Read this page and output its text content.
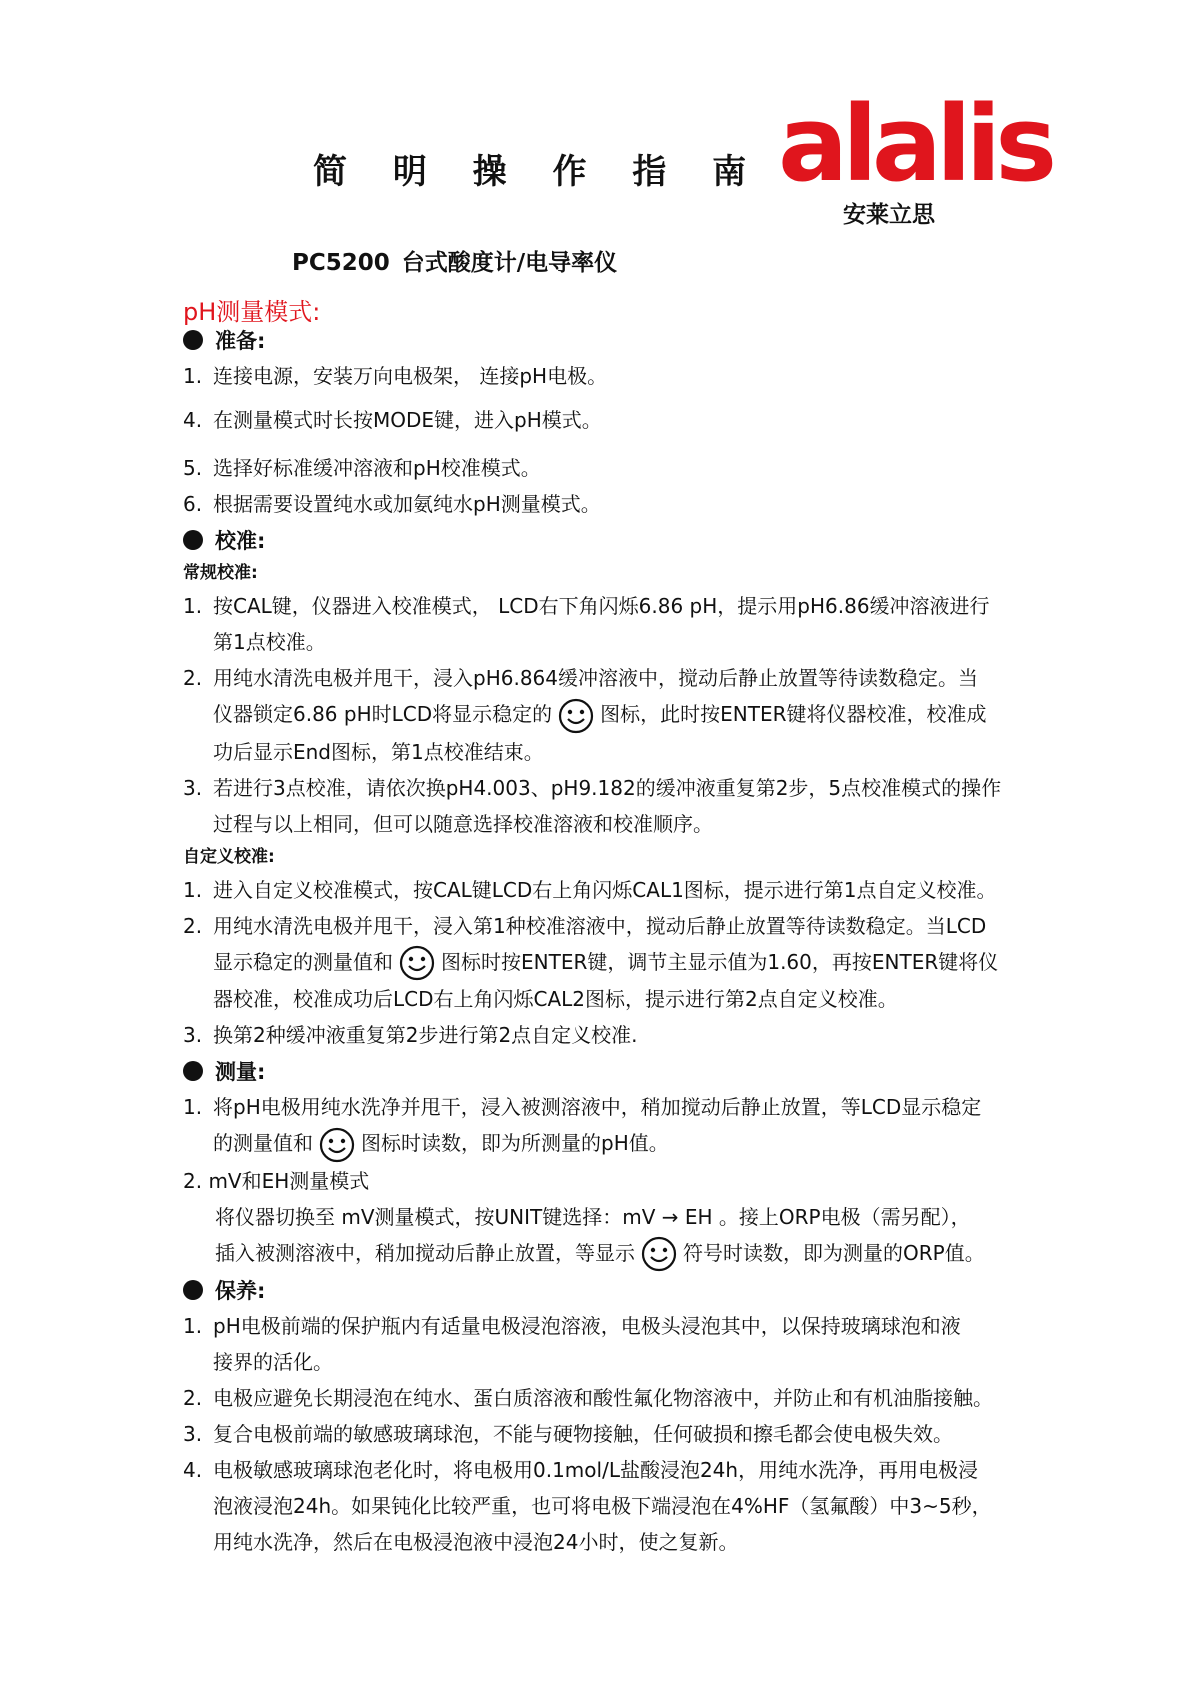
简 明 操 作 指 南 alalis
安莱立思
PC5200 台式酸度计/电导率仪
pH测量模式:
准备:
1. 连接电源，安装万向电极架， 连接pH电极。
4. 在测量模式时长按MODE键，进入pH模式。
5. 选择好标准缓冲溶液和pH校准模式。
6. 根据需要设置纯水或加氨纯水pH测量模式。
校准:
常规校准:
1. 按CAL键，仪器进入校准模式， LCD右下角闪烁6.86 pH，提示用pH6.86缓冲溶液进行
第1点校准。
2. 用纯水清洗电极并甩干，浸入pH6.864缓冲溶液中，搅动后静止放置等待读数稳定。当
仪器锁定6.86 pH时LCD将显示稳定的 图标，此时按ENTER键将仪器校准，校准成
功后显示End图标，第1点校准结束。
3. 若进行3点校准，请依次换pH4.003、pH9.182的缓冲液重复第2步，5点校准模式的操作
过程与以上相同，但可以随意选择校准溶液和校准顺序。
自定义校准:
1. 进入自定义校准模式，按CAL键LCD右上角闪烁CAL1图标，提示进行第1点自定义校准。
2. 用纯水清洗电极并甩干，浸入第1种校准溶液中，搅动后静止放置等待读数稳定。当LCD
显示稳定的测量值和 图标时按ENTER键，调节主显示值为1.60，再按ENTER键将仪
器校准，校准成功后LCD右上角闪烁CAL2图标，提示进行第2点自定义校准。
3. 换第2种缓冲液重复第2步进行第2点自定义校准.
测量:
1. 将pH电极用纯水洗净并甩干，浸入被测溶液中，稍加搅动后静止放置，等LCD显示稳定
的测量值和 图标时读数，即为所测量的pH值。
2. mV和EH测量模式
将仪器切换至 mV测量模式，按UNIT键选择：mV → EH 。接上ORP电极（需另配），
插入被测溶液中，稍加搅动后静止放置，等显示 符号时读数，即为测量的ORP值。
保养:
1. pH电极前端的保护瓶内有适量电极浸泡溶液，电极头浸泡其中，以保持玻璃球泡和液
接界的活化。
2. 电极应避免长期浸泡在纯水、蛋白质溶液和酸性氟化物溶液中，并防止和有机油脂接触。
3. 复合电极前端的敏感玻璃球泡，不能与硬物接触，任何破损和擦毛都会使电极失效。
4. 电极敏感玻璃球泡老化时，将电极用0.1mol/L盐酸浸泡24h，用纯水洗净，再用电极浸
泡液浸泡24h。如果钝化比较严重，也可将电极下端浸泡在4%HF（氢氟酸）中3~5秒，
用纯水洗净，然后在电极浸泡液中浸泡24小时，使之复新。
